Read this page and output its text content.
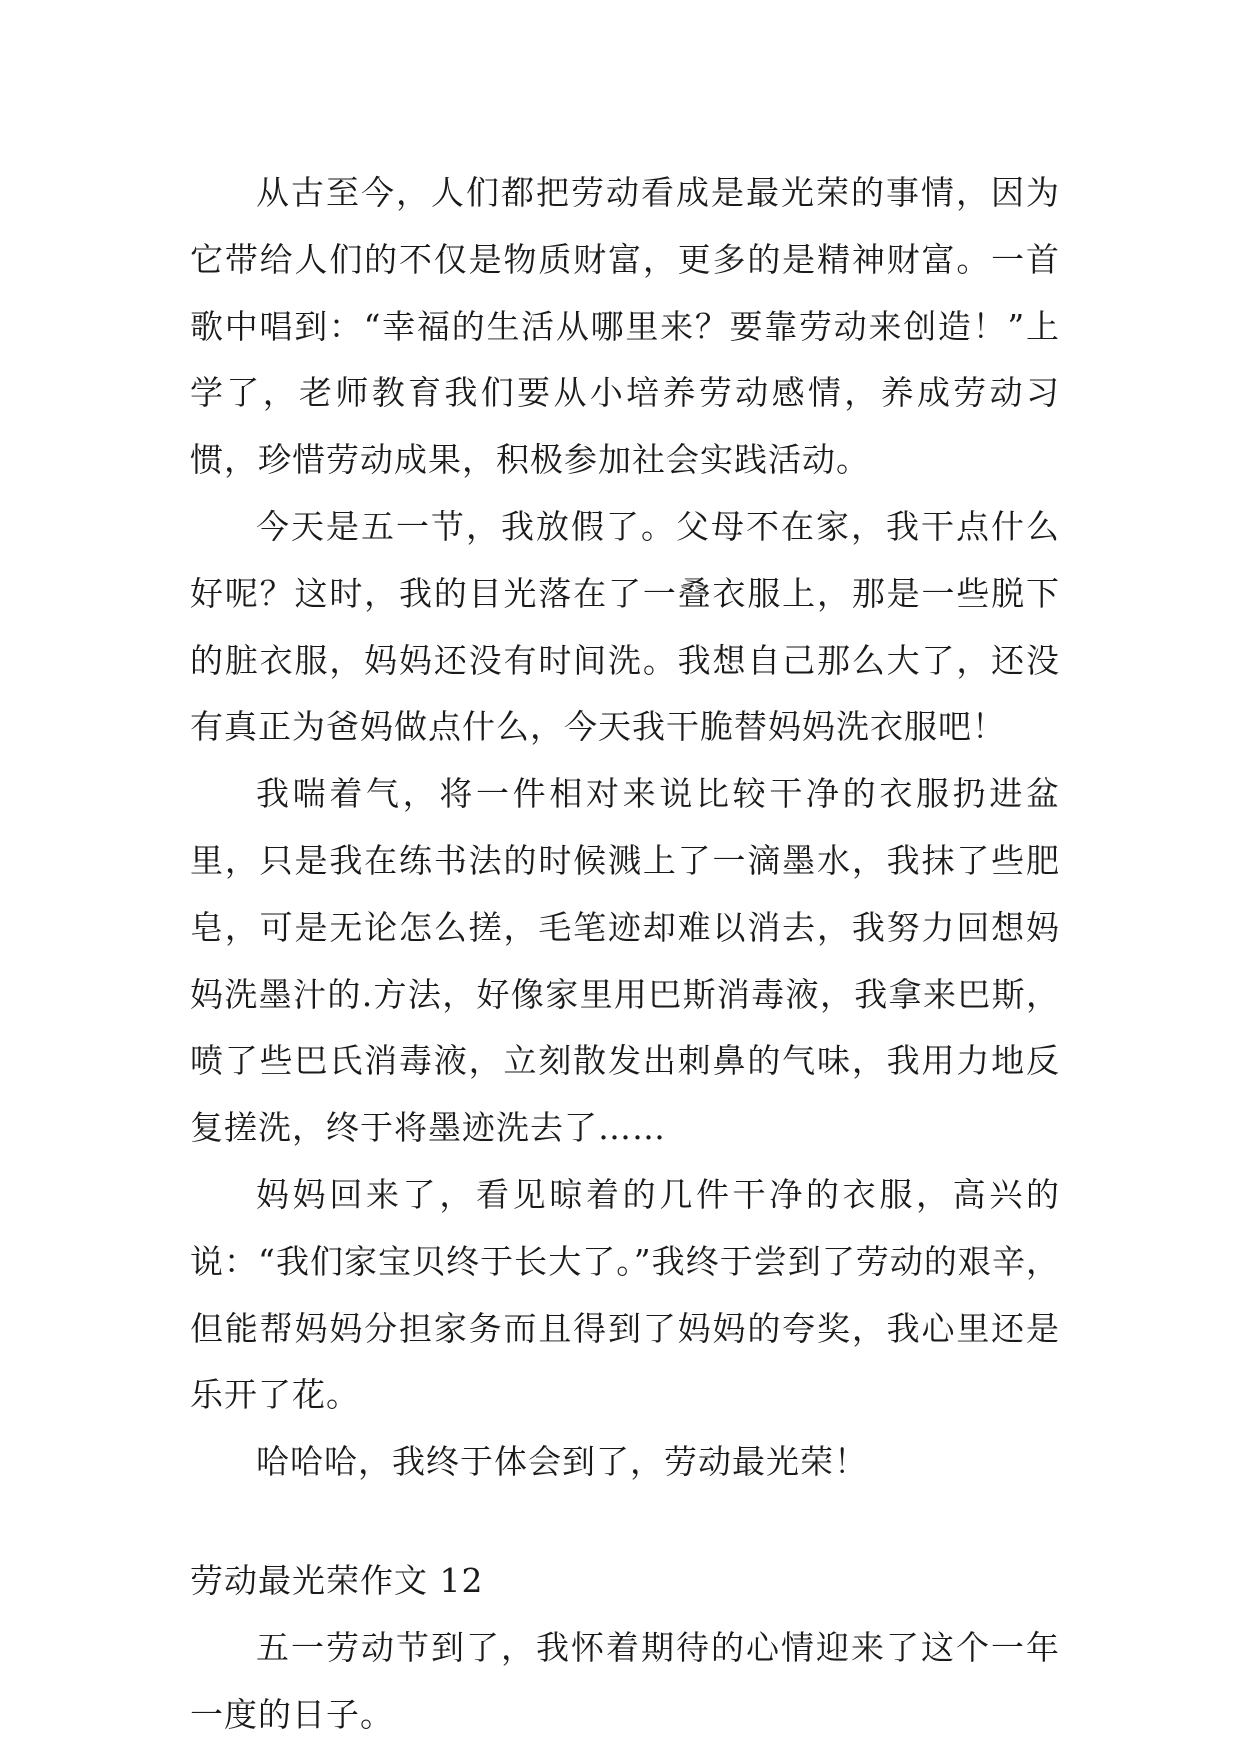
从古至今，人们都把劳动看成是最光荣的事情，因为它带给人们的不仅是物质财富，更多的是精神财富。一首歌中唱到：“幸福的生活从哪里来？要靠劳动来创造！”上学了，老师教育我们要从小培养劳动感情，养成劳动习惯，珍惜劳动成果，积极参加社会实践活动。

今天是五一节，我放假了。父母不在家，我干点什么好呢？这时，我的目光落在了一叠衣服上，那是一些脱下的脏衣服，妈妈还没有时间洗。我想自己那么大了，还没有真正为爸妈做点什么，今天我干脆替妈妈洗衣服吧！

我喘着气，将一件相对来说比较干净的衣服扔进盆里，只是我在练书法的时候溅上了一滴墨水，我抹了些肥皂，可是无论怎么搓，毛笔迹却难以消去，我努力回想妈妈洗墨汁的.方法，好像家里用巴斯消毒液，我拿来巴斯，喷了些巴氏消毒液，立刻散发出刺鼻的气味，我用力地反复搓洗，终于将墨迹洗去了……

妈妈回来了，看见晾着的几件干净的衣服，高兴的说：“我们家宝贝终于长大了。”我终于尝到了劳动的艰辛，但能帮妈妈分担家务而且得到了妈妈的夸奖，我心里还是乐开了花。

哈哈哈，我终于体会到了，劳动最光荣！

劳动最光荣作文 12

五一劳动节到了，我怀着期待的心情迎来了这个一年一度的日子。
